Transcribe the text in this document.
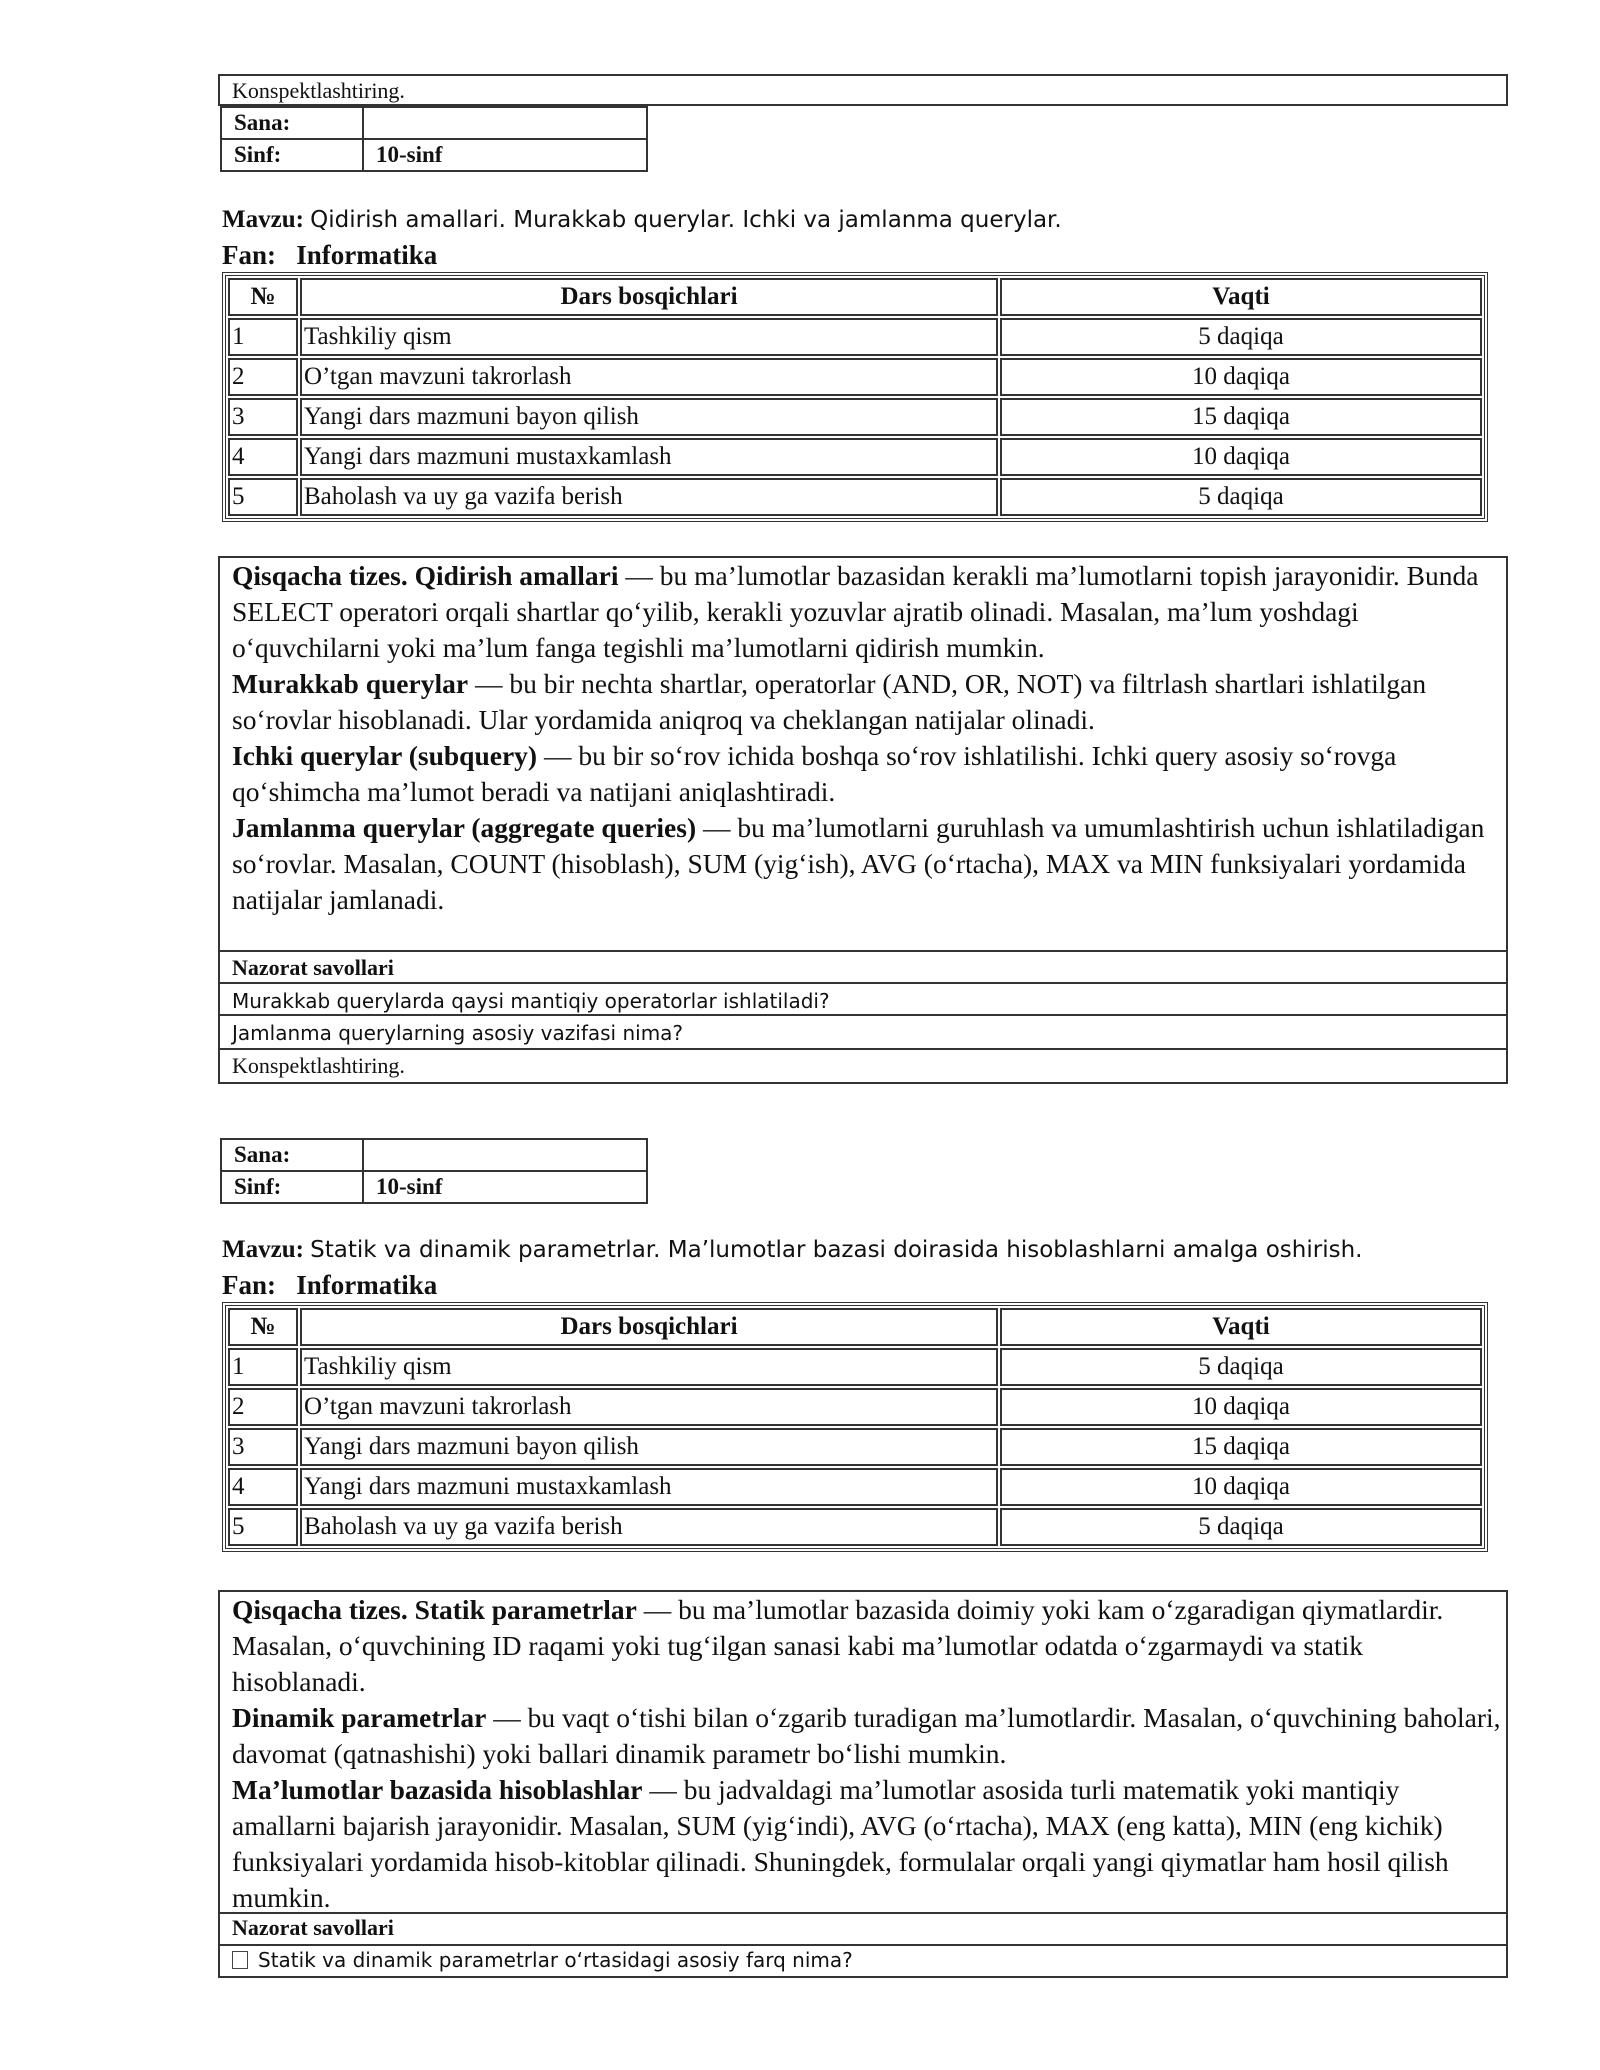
Konspektlashtiring.
Sana:	
Sinf:	10-sinf
Mavzu: Qidirish amallari. Murakkab querylar. Ichki va jamlanma querylar.
Fan: Informatika
№	Dars bosqichlari	Vaqti
1	Tashkiliy qism	5 daqiqa
2	O’tgan mavzuni takrorlash	10 daqiqa
3	Yangi dars mazmuni bayon qilish	15 daqiqa
4	Yangi dars mazmuni mustaxkamlash	10 daqiqa
5	Baholash va uy ga vazifa berish	5 daqiqa

Qisqacha tizes. Qidirish amallari — bu ma’lumotlar bazasidan kerakli ma’lumotlarni topish jarayonidir. Bunda SELECT operatori orqali shartlar qo‘yilib, kerakli yozuvlar ajratib olinadi. Masalan, ma’lum yoshdagi o‘quvchilarni yoki ma’lum fanga tegishli ma’lumotlarni qidirish mumkin.

Murakkab querylar — bu bir nechta shartlar, operatorlar (AND, OR, NOT) va filtrlash shartlari ishlatilgan so‘rovlar hisoblanadi. Ular yordamida aniqroq va cheklangan natijalar olinadi.

Ichki querylar (subquery) — bu bir so‘rov ichida boshqa so‘rov ishlatilishi. Ichki query asosiy so‘rovga qo‘shimcha ma’lumot beradi va natijani aniqlashtiradi.

Jamlanma querylar (aggregate queries) — bu ma’lumotlarni guruhlash va umumlashtirish uchun ishlatiladigan so‘rovlar. Masalan, COUNT (hisoblash), SUM (yig‘ish), AVG (o‘rtacha), MAX va MIN funksiyalari yordamida natijalar jamlanadi.

Nazorat savollari
Murakkab querylarda qaysi mantiqiy operatorlar ishlatiladi?
Jamlanma querylarning asosiy vazifasi nima?
Konspektlashtiring.
Sana:	
Sinf:	10-sinf
Mavzu: Statik va dinamik parametrlar. Ma’lumotlar bazasi doirasida hisoblashlarni amalga oshirish.
Fan: Informatika
№	Dars bosqichlari	Vaqti
1	Tashkiliy qism	5 daqiqa
2	O’tgan mavzuni takrorlash	10 daqiqa
3	Yangi dars mazmuni bayon qilish	15 daqiqa
4	Yangi dars mazmuni mustaxkamlash	10 daqiqa
5	Baholash va uy ga vazifa berish	5 daqiqa

Qisqacha tizes. Statik parametrlar — bu ma’lumotlar bazasida doimiy yoki kam o‘zgaradigan qiymatlardir. Masalan, o‘quvchining ID raqami yoki tug‘ilgan sanasi kabi ma’lumotlar odatda o‘zgarmaydi va statik hisoblanadi.

Dinamik parametrlar — bu vaqt o‘tishi bilan o‘zgarib turadigan ma’lumotlardir. Masalan, o‘quvchining baholari, davomat (qatnashishi) yoki ballari dinamik parametr bo‘lishi mumkin.

Ma’lumotlar bazasida hisoblashlar — bu jadvaldagi ma’lumotlar asosida turli matematik yoki mantiqiy amallarni bajarish jarayonidir. Masalan, SUM (yig‘indi), AVG (o‘rtacha), MAX (eng katta), MIN (eng kichik) funksiyalari yordamida hisob-kitoblar qilinadi. Shuningdek, formulalar orqali yangi qiymatlar ham hosil qilish mumkin.

Nazorat savollari
Statik va dinamik parametrlar o‘rtasidagi asosiy farq nima?
